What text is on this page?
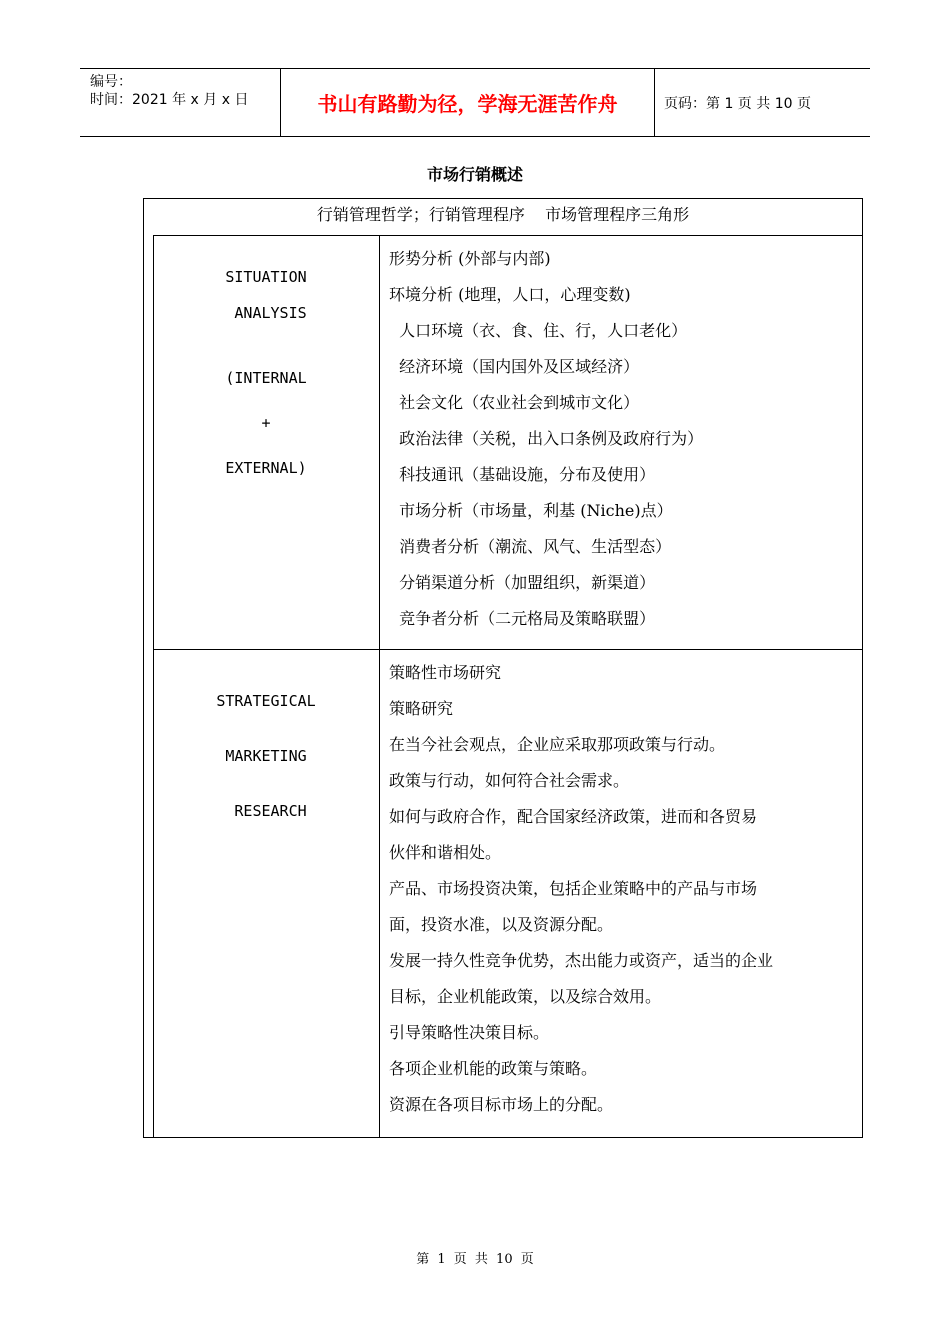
编号：
时间：2021 年 x 月 x 日	书山有路勤为径，学海无涯苦作舟	页码：第 1 页 共 10 页
市场行销概述
行销管理哲学；行销管理程序    市场管理程序三角形
SITUATION
ANALYSIS
(INTERNAL
+
EXTERNAL)
形势分析 (外部与内部)
环境分析 (地理，人口，心理变数)
人口环境（衣、食、住、行，人口老化）
经济环境（国内国外及区域经济）
社会文化（农业社会到城市文化）
政治法律（关税，出入口条例及政府行为）
科技通讯（基础设施，分布及使用）
市场分析（市场量，利基 (Niche)点）
消费者分析（潮流、风气、生活型态）
分销渠道分析（加盟组织，新渠道）
竞争者分析（二元格局及策略联盟）
STRATEGICAL
MARKETING
RESEARCH
策略性市场研究
策略研究
在当今社会观点，企业应采取那项政策与行动。
政策与行动，如何符合社会需求。
如何与政府合作，配合国家经济政策，进而和各贸易
伙伴和谐相处。
产品、市场投资决策，包括企业策略中的产品与市场
面，投资水准，以及资源分配。
发展一持久性竞争优势，杰出能力或资产，适当的企业
目标，企业机能政策，以及综合效用。
引导策略性决策目标。
各项企业机能的政策与策略。
资源在各项目标市场上的分配。
第 1 页 共 10 页
